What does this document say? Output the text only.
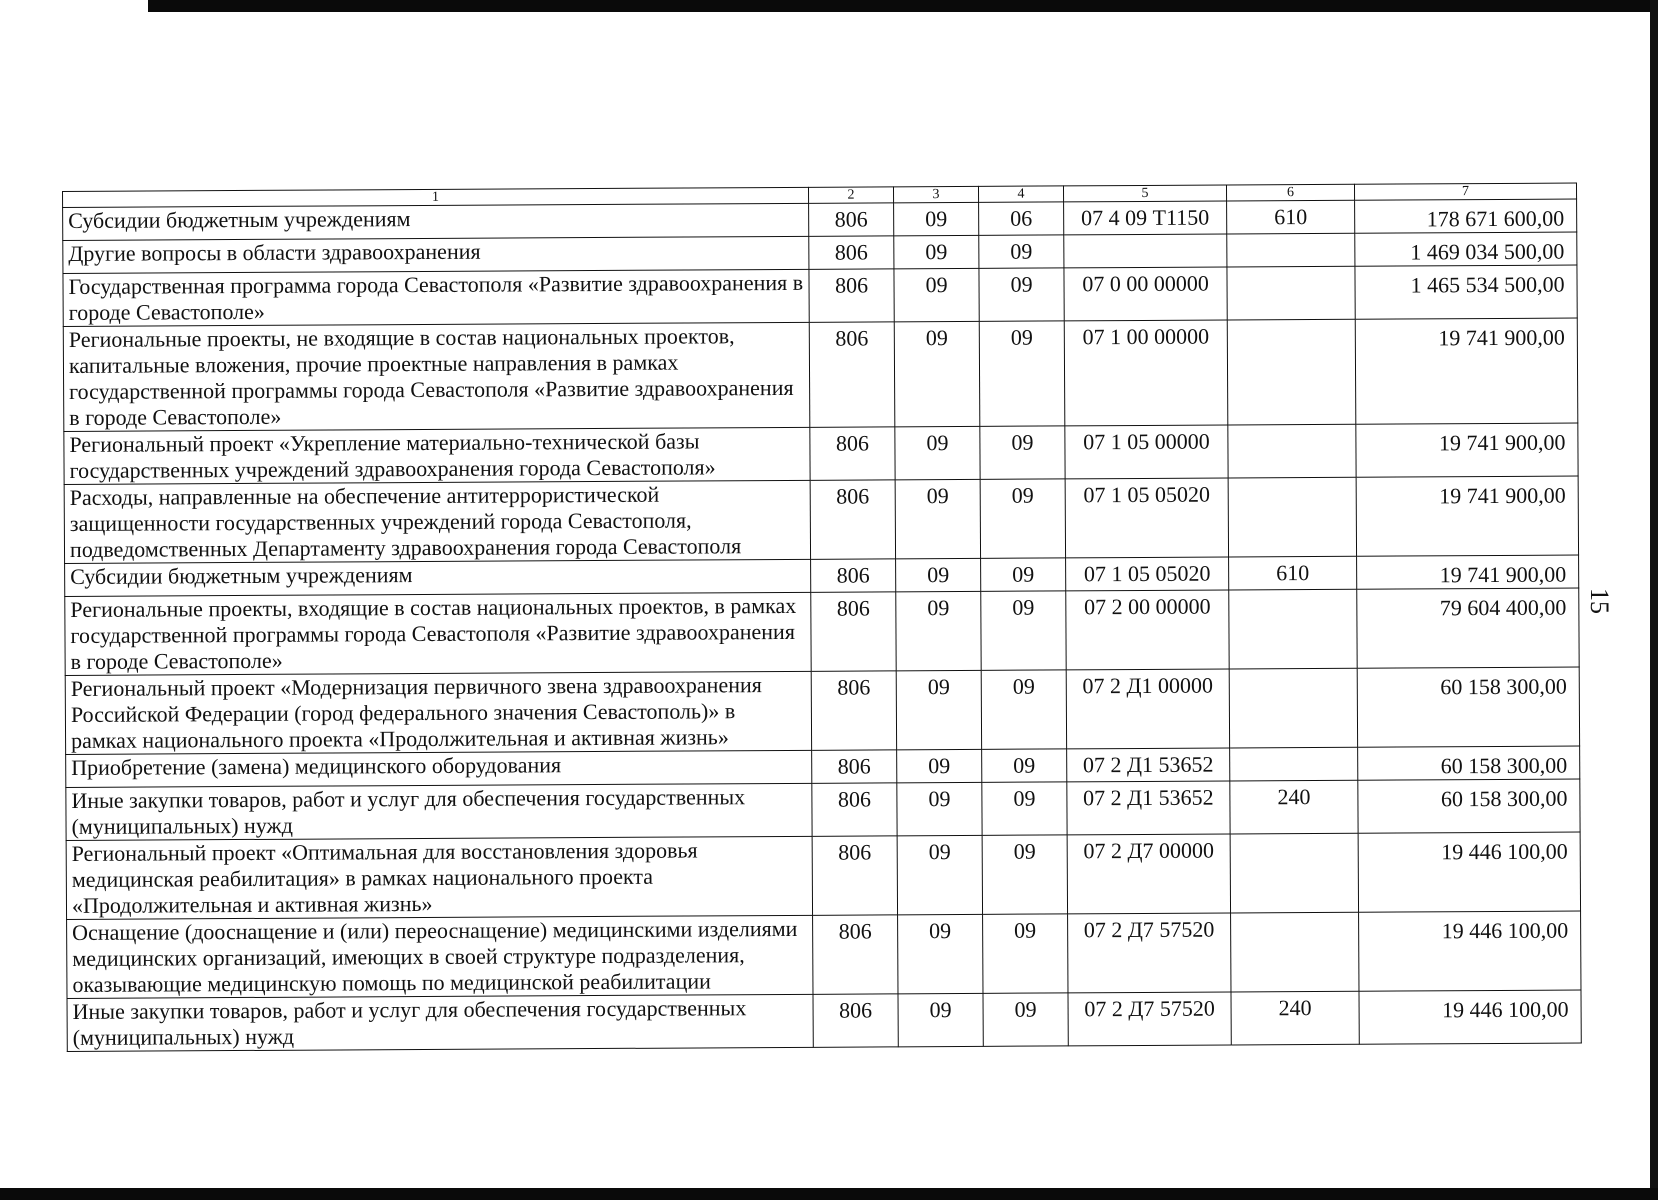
15
1	2	3	4	5	6	7
Субсидии бюджетным учреждениям	806	09	06	07 4 09 Т1150	610	178 671 600,00
Другие вопросы в области здравоохранения	806	09	09			1 469 034 500,00
Государственная программа города Севастополя «Развитие здравоохранения в городе Севастополе»	806	09	09	07 0 00 00000		1 465 534 500,00
Региональные проекты, не входящие в состав национальных проектов, капитальные вложения, прочие проектные направления в рамках государственной программы города Севастополя «Развитие здравоохранения в городе Севастополе»	806	09	09	07 1 00 00000		19 741 900,00
Региональный проект «Укрепление материально-технической базы государственных учреждений здравоохранения города Севастополя»	806	09	09	07 1 05 00000		19 741 900,00
Расходы, направленные на обеспечение антитеррористической защищенности государственных учреждений города Севастополя, подведомственных Департаменту здравоохранения города Севастополя	806	09	09	07 1 05 05020		19 741 900,00
Субсидии бюджетным учреждениям	806	09	09	07 1 05 05020	610	19 741 900,00
Региональные проекты, входящие в состав национальных проектов, в рамках государственной программы города Севастополя «Развитие здравоохранения в городе Севастополе»	806	09	09	07 2 00 00000		79 604 400,00
Региональный проект «Модернизация первичного звена здравоохранения Российской Федерации (город федерального значения Севастополь)» в рамках национального проекта «Продолжительная и активная жизнь»	806	09	09	07 2 Д1 00000		60 158 300,00
Приобретение (замена) медицинского оборудования	806	09	09	07 2 Д1 53652		60 158 300,00
Иные закупки товаров, работ и услуг для обеспечения государственных (муниципальных) нужд	806	09	09	07 2 Д1 53652	240	60 158 300,00
Региональный проект «Оптимальная для восстановления здоровья медицинская реабилитация» в рамках национального проекта «Продолжительная и активная жизнь»	806	09	09	07 2 Д7 00000		19 446 100,00
Оснащение (дооснащение и (или) переоснащение) медицинскими изделиями медицинских организаций, имеющих в своей структуре подразделения, оказывающие медицинскую помощь по медицинской реабилитации	806	09	09	07 2 Д7 57520		19 446 100,00
Иные закупки товаров, работ и услуг для обеспечения государственных (муниципальных) нужд	806	09	09	07 2 Д7 57520	240	19 446 100,00
